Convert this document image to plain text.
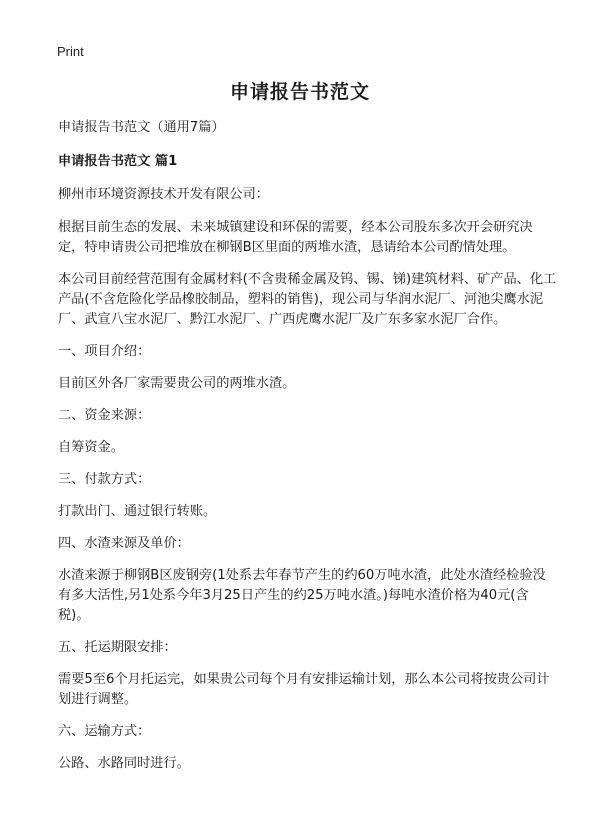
Print
申请报告书范文

申请报告书范文（通用7篇）

申请报告书范文 篇1

柳州市环境资源技术开发有限公司：

根据目前生态的发展、未来城镇建设和环保的需要，经本公司股东多次开会研究决定，特申请贵公司把堆放在柳钢B区里面的两堆水渣，恳请给本公司酌情处理。

本公司目前经营范围有金属材料(不含贵稀金属及钨、锡、锑)建筑材料、矿产品、化工产品(不含危险化学品橡胶制品，塑料的销售)，现公司与华润水泥厂、河池尖鹰水泥厂、武宣八宝水泥厂、黔江水泥厂、广西虎鹰水泥厂及广东多家水泥厂合作。

一、项目介绍：

目前区外各厂家需要贵公司的两堆水渣。

二、资金来源：

自筹资金。

三、付款方式：

打款出门、通过银行转账。

四、水渣来源及单价：

水渣来源于柳钢B区废钢旁(1处系去年春节产生的约60万吨水渣，此处水渣经检验没有多大活性,另1处系今年3月25日产生的约25万吨水渣。)每吨水渣价格为40元(含税)。

五、托运期限安排：

需要5至6个月托运完，如果贵公司每个月有安排运输计划，那么本公司将按贵公司计划进行调整。

六、运输方式：

公路、水路同时进行。
